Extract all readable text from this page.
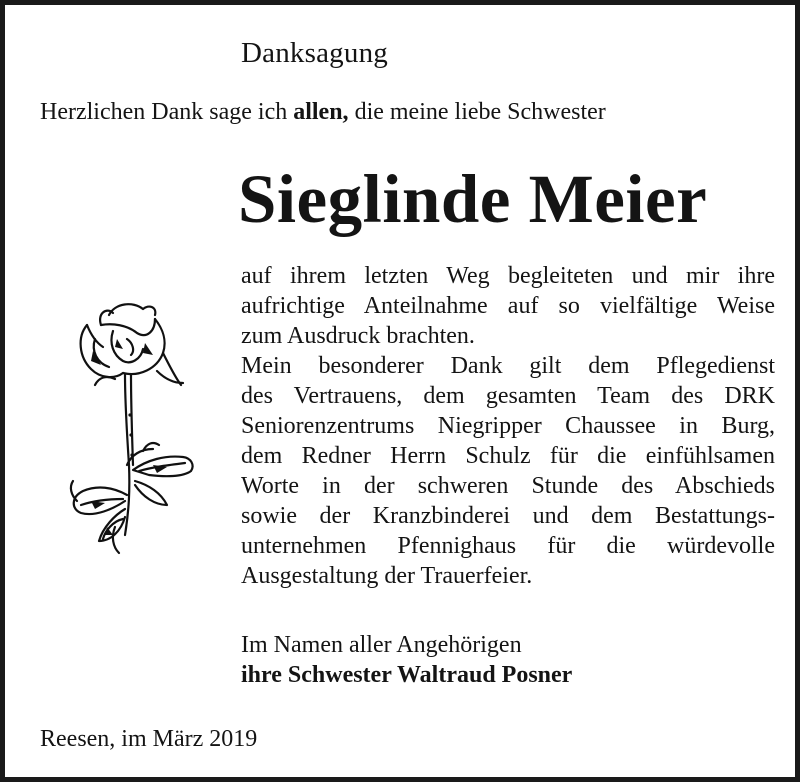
Danksagung
Herzlichen Dank sage ich allen, die meine liebe Schwester
Sieglinde Meier
auf ihrem letzten Weg begleiteten und mir ihre
aufrichtige Anteilnahme auf so vielfältige Weise
zum Ausdruck brachten.
Mein besonderer Dank gilt dem Pflegedienst
des Vertrauens, dem gesamten Team des DRK
Seniorenzentrums Niegripper Chaussee in Burg,
dem Redner Herrn Schulz für die einfühlsamen
Worte in der schweren Stunde des Abschieds
sowie der Kranzbinderei und dem Bestattungs-
unternehmen Pfennighaus für die würdevolle
Ausgestaltung der Trauerfeier.
Im Namen aller Angehörigen
ihre Schwester Waltraud Posner
Reesen, im März 2019
